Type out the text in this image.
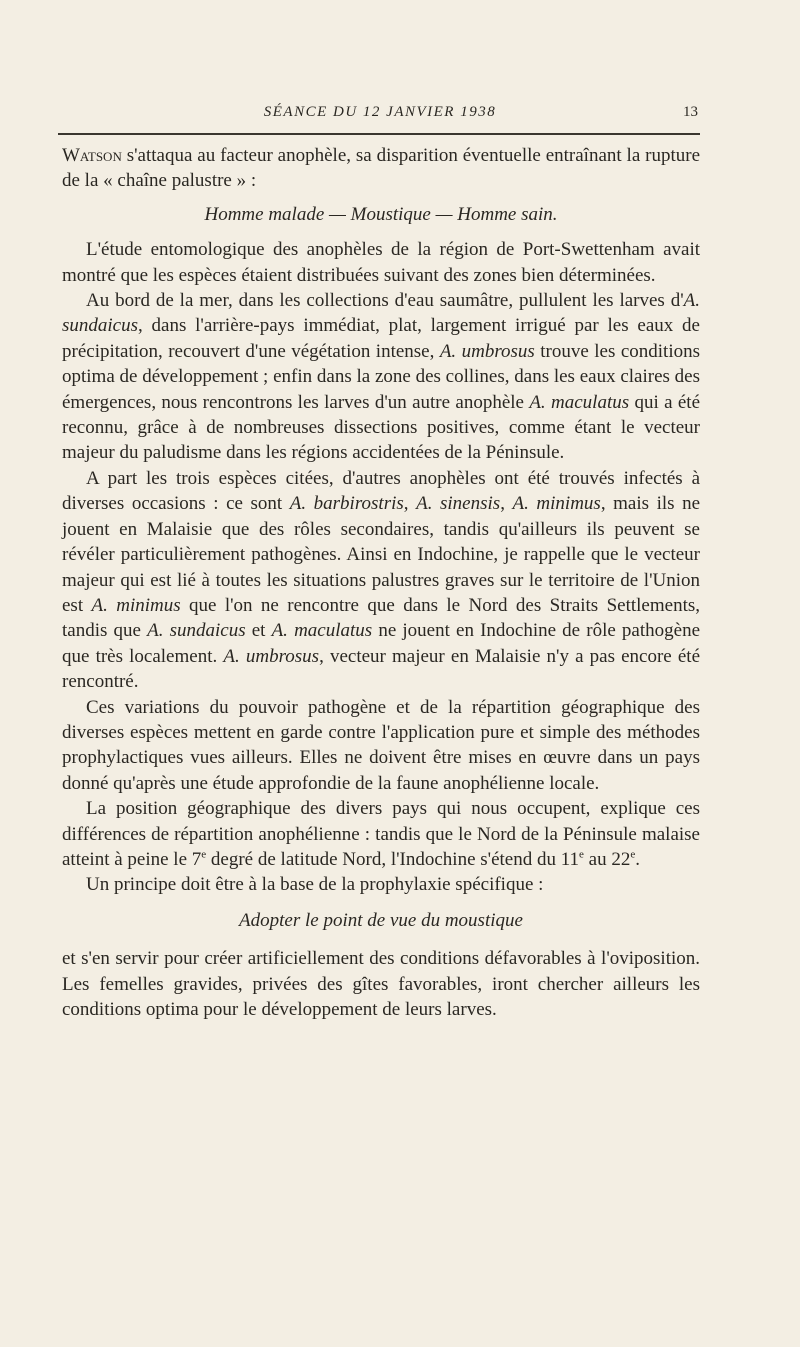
SÉANCE DU 12 JANVIER 1938	13

Watson s'attaqua au facteur anophèle, sa disparition éventuelle entraînant la rupture de la « chaîne palustre » :

Homme malade — Moustique — Homme sain.

L'étude entomologique des anophèles de la région de Port-Swettenham avait montré que les espèces étaient distribuées suivant des zones bien déterminées.

Au bord de la mer, dans les collections d'eau saumâtre, pullulent les larves d'A. sundaicus, dans l'arrière-pays immédiat, plat, largement irrigué par les eaux de précipitation, recouvert d'une végétation intense, A. umbrosus trouve les conditions optima de développement ; enfin dans la zone des collines, dans les eaux claires des émergences, nous rencontrons les larves d'un autre anophèle A. maculatus qui a été reconnu, grâce à de nombreuses dissections positives, comme étant le vecteur majeur du paludisme dans les régions accidentées de la Péninsule.

A part les trois espèces citées, d'autres anophèles ont été trouvés infectés à diverses occasions : ce sont A. barbirostris, A. sinensis, A. minimus, mais ils ne jouent en Malaisie que des rôles secondaires, tandis qu'ailleurs ils peuvent se révéler particulièrement pathogènes. Ainsi en Indochine, je rappelle que le vecteur majeur qui est lié à toutes les situations palustres graves sur le territoire de l'Union est A. minimus que l'on ne rencontre que dans le Nord des Straits Settlements, tandis que A. sundaicus et A. maculatus ne jouent en Indochine de rôle pathogène que très localement. A. umbrosus, vecteur majeur en Malaisie n'y a pas encore été rencontré.

Ces variations du pouvoir pathogène et de la répartition géographique des diverses espèces mettent en garde contre l'application pure et simple des méthodes prophylactiques vues ailleurs. Elles ne doivent être mises en œuvre dans un pays donné qu'après une étude approfondie de la faune anophélienne locale.

La position géographique des divers pays qui nous occupent, explique ces différences de répartition anophélienne : tandis que le Nord de la Péninsule malaise atteint à peine le 7e degré de latitude Nord, l'Indochine s'étend du 11e au 22e.

Un principe doit être à la base de la prophylaxie spécifique :

Adopter le point de vue du moustique

et s'en servir pour créer artificiellement des conditions défavorables à l'oviposition. Les femelles gravides, privées des gîtes favorables, iront chercher ailleurs les conditions optima pour le développement de leurs larves.
